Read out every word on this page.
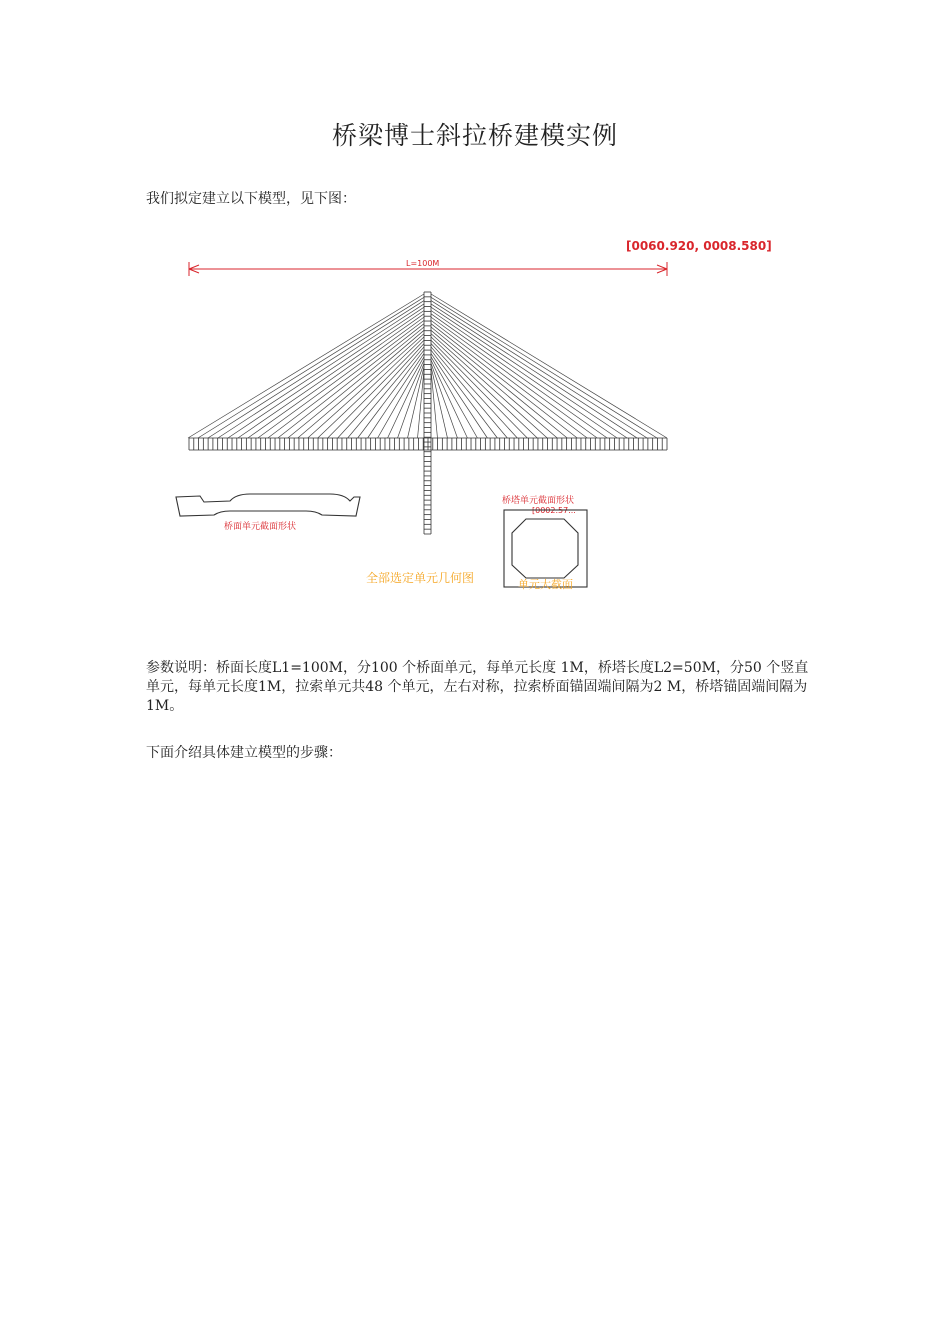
桥梁博士斜拉桥建模实例

我们拟定建立以下模型，见下图：

[0060.920, 0008.580]
L=100M
桥面单元截面形状
桥塔单元截面形状
[0002.57...
全部选定单元几何图	单元大截面

参数说明：桥面长度L1=100M，分100 个桥面单元，每单元长度 1M，桥塔长度L2=50M，分50 个竖直单元，每单元长度1M，拉索单元共48 个单元，左右对称，拉索桥面锚固端间隔为2 M，桥塔锚固端间隔为 1M。

下面介绍具体建立模型的步骤：
